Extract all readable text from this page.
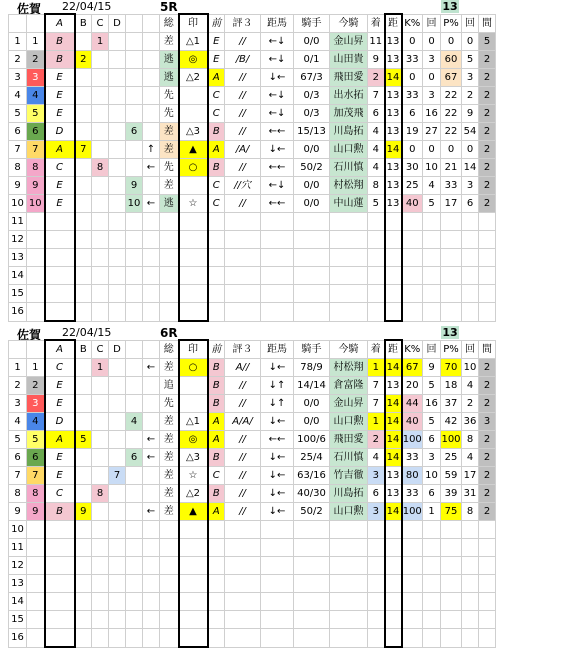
佐賀 22/04/15	5R	13
		A	B	C	D			総	印	前	評３	距馬	騎手	今騎	着	距	K%	回	P%	回	間
1	1	B		1				差	△1	E	//	←↓	0/0	金山昇	11	13	0	0	0	0	5
2	2	B	2					逃	◎	E	/B/	←↓	0/1	山田貴	9	13	33	3	60	5	2
3	3	E						逃	△2	A	//	↓←	67/3	飛田愛	2	14	0	0	67	3	2
4	4	E						先		C	//	←↓	0/3	出水拓	7	13	33	3	22	2	2
5	5	E						先		C	//	←↓	0/3	加茂飛	6	13	6	16	22	9	2
6	6	D				6		差	△3	B	//	←←	15/13	川島拓	4	13	19	27	22	54	2
7	7	A	7				↑	差	▲	A	/A/	↓←	0/0	山口勲	4	14	0	0	0	0	2
8	8	C		8			←	先	○	B	//	←←	50/2	石川慎	4	13	30	10	21	14	2
9	9	E				9		差		C	//穴	←↓	0/0	村松翔	8	13	25	4	33	3	2
10	10	E				10	←	逃	☆	C	//	←←	0/0	中山蓮	5	13	40	5	17	6	2
11																					
12																					
13																					
14																					
15																					
16																					
佐賀 22/04/15	6R	13
		A	B	C	D			総	印	前	評３	距馬	騎手	今騎	着	距	K%	回	P%	回	間
1	1	C		1			←	差	○	B	A//	↓←	78/9	村松翔	1	14	67	9	70	10	2
2	2	E						追		B	//	↓↑	14/14	倉富隆	7	13	20	5	18	4	2
3	3	E						先		B	//	↓↑	0/0	金山昇	7	14	44	16	37	2	2
4	4	D				4		差	△1	A	A/A/	↓←	0/0	山口勲	1	14	40	5	42	36	3
5	5	A	5				←	差	◎	A	//	←←	100/6	飛田愛	2	14	100	6	100	8	2
6	6	E				6	←	差	△3	B	//	↓←	25/4	石川慎	4	14	33	3	25	4	2
7	7	E			7			差	☆	C	//	↓←	63/16	竹吉徹	3	13	80	10	59	17	2
8	8	C		8				差	△2	B	//	↓←	40/30	川島拓	6	13	33	6	39	31	2
9	9	B	9				←	差	▲	A	//	↓←	50/2	山口勲	3	14	100	1	75	8	2
10																					
11																					
12																					
13																					
14																					
15																					
16																					
